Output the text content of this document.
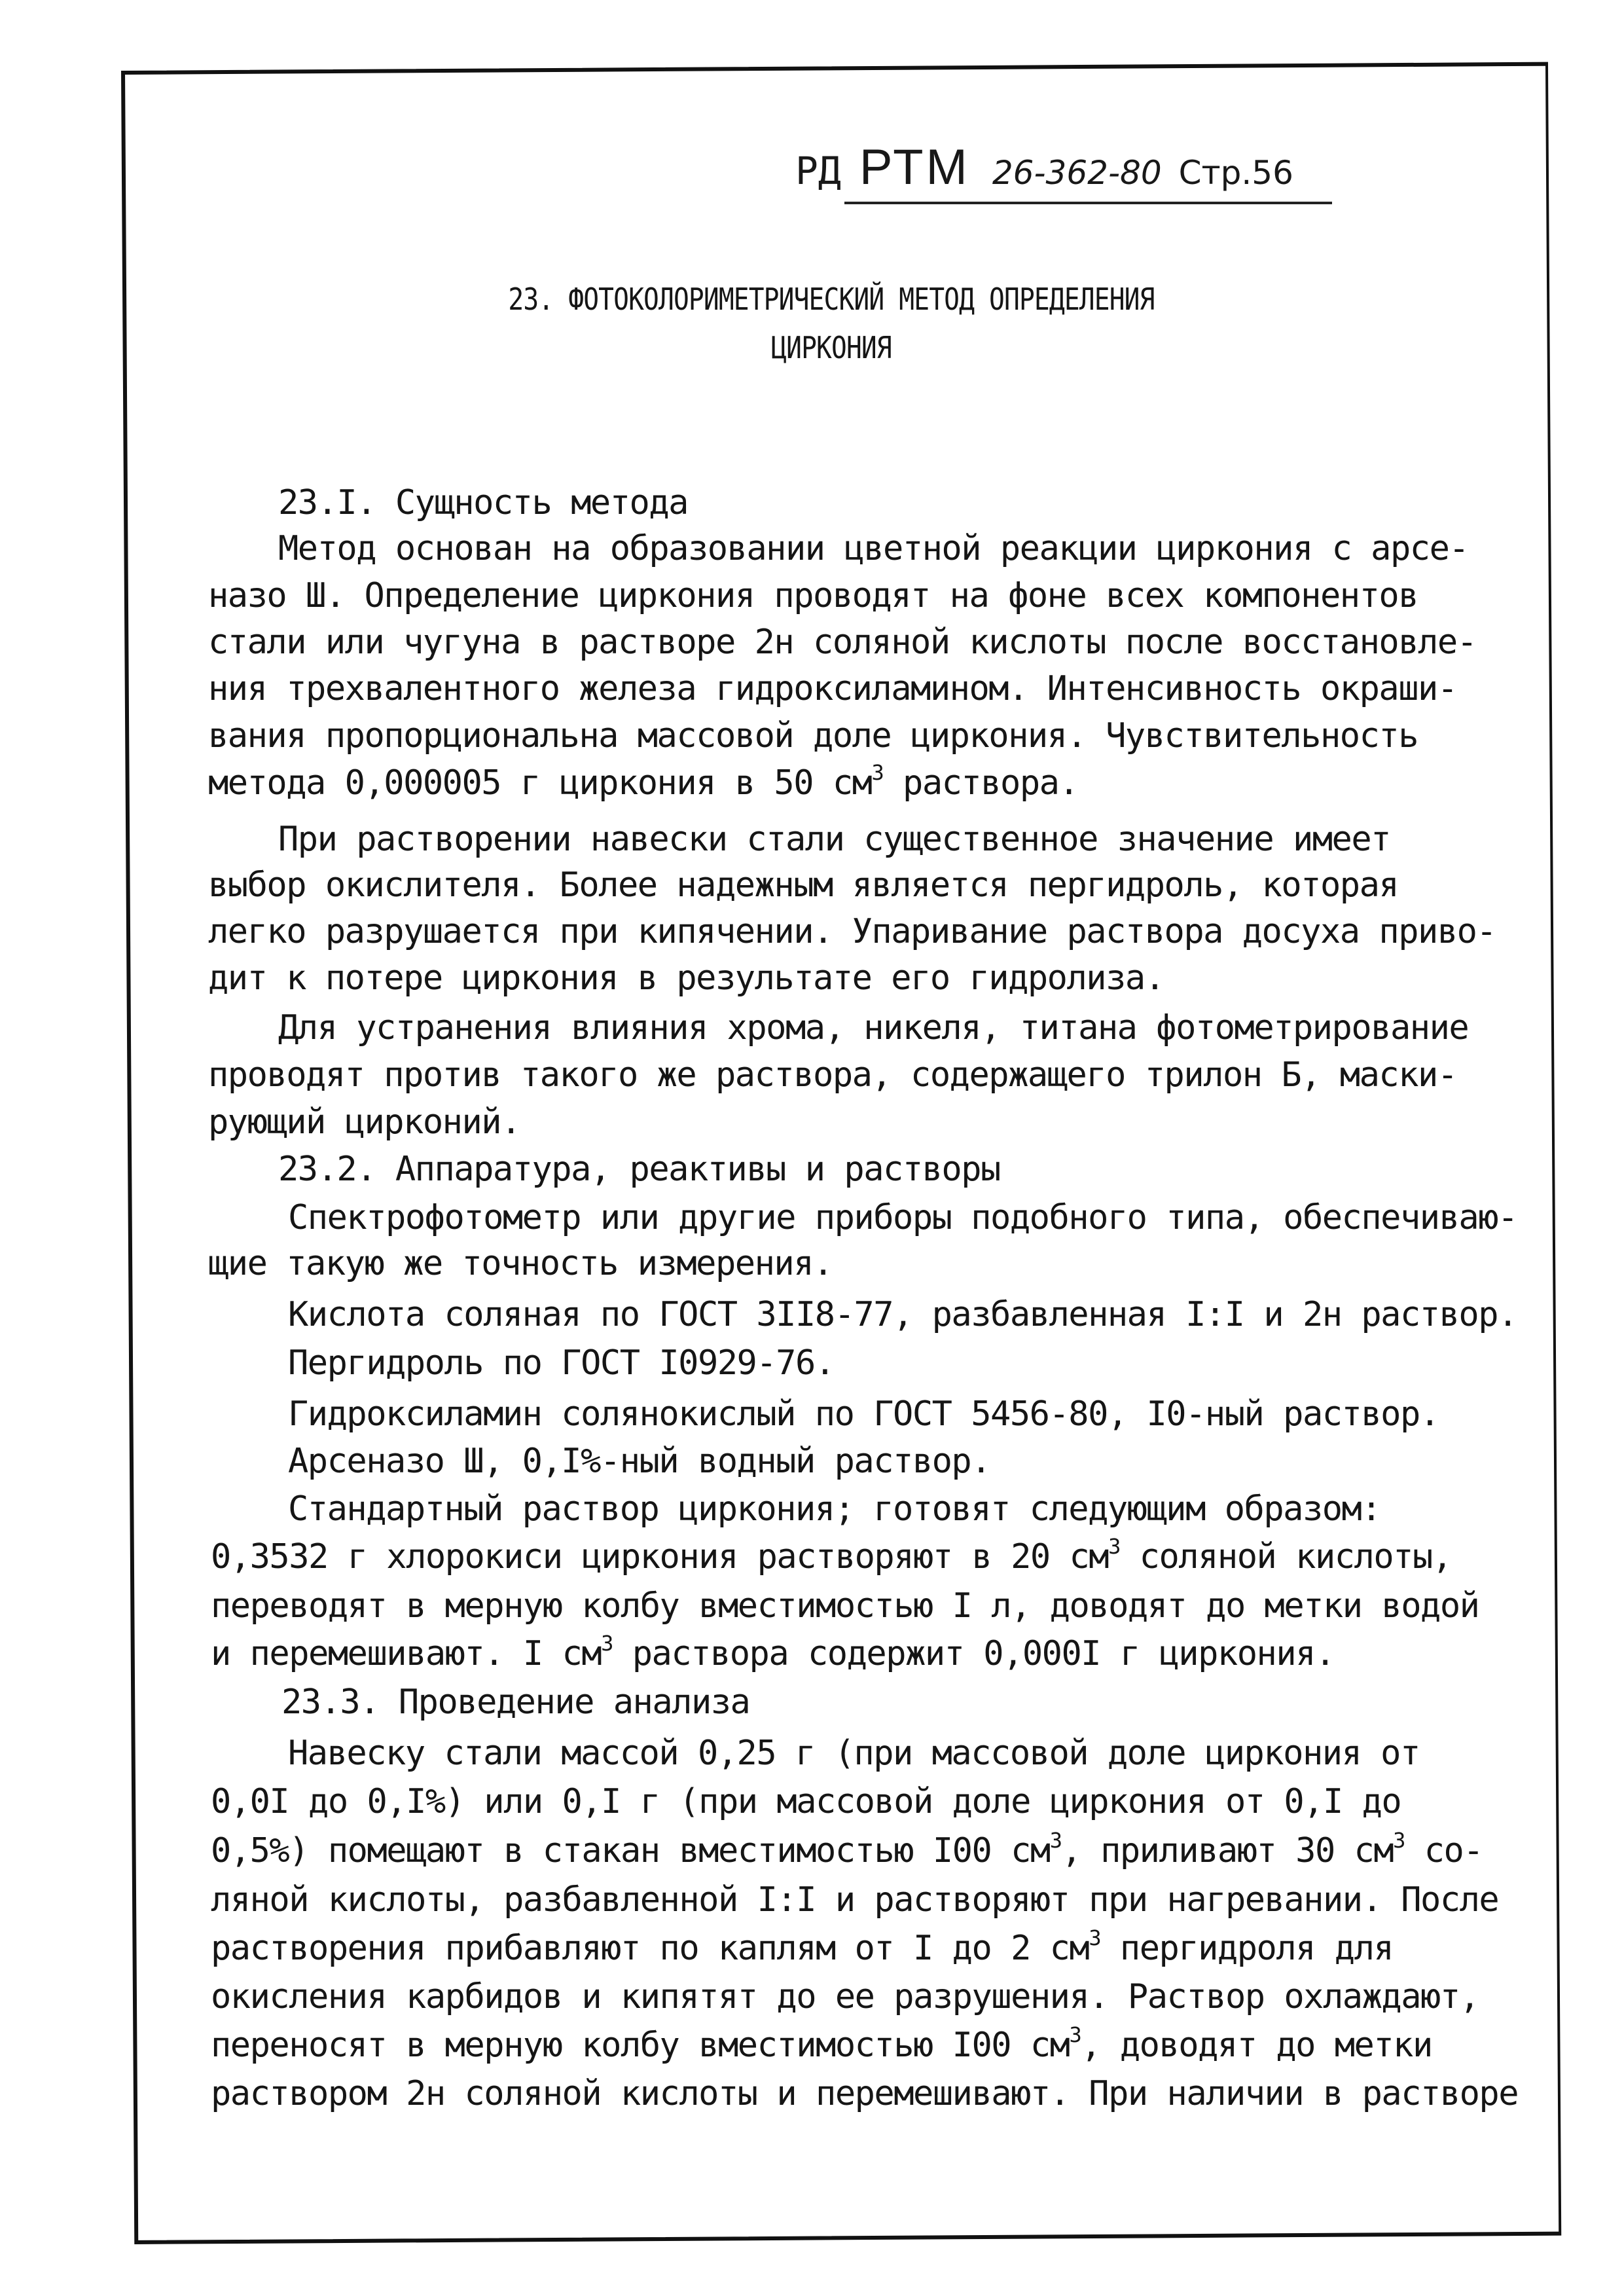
РД РТМ 26-362-80 Стр.56
23. ФОТОКОЛОРИМЕТРИЧЕСКИЙ МЕТОД ОПРЕДЕЛЕНИЯ
ЦИРКОНИЯ
23.I. Сущность метода
Метод основан на образовании цветной реакции циркония с арсе-
назо Ш. Определение циркония проводят на фоне всех компонентов
стали или чугуна в растворе 2н соляной кислоты после восстановле-
ния трехвалентного железа гидроксиламином. Интенсивность окраши-
вания пропорциональна массовой доле циркония. Чувствительность
метода 0,000005 г циркония в 50 $см^3$ раствора.
При растворении навески стали существенное значение имеет
выбор окислителя. Более надежным является пергидроль, которая
легко разрушается при кипячении. Упаривание раствора досуха приво-
дит к потере циркония в результате его гидролиза.
Для устранения влияния хрома, никеля, титана фотометрирование
проводят против такого же раствора, содержащего трилон Б, маски-
рующий цирконий.
23.2. Аппаратура, реактивы и растворы
Спектрофотометр или другие приборы подобного типа, обеспечиваю-
щие такую же точность измерения.
Кислота соляная по ГОСТ 3II8-77, разбавленная I:I и 2н раствор.
Пергидроль по ГОСТ I0929-76.
Гидроксиламин солянокислый по ГОСТ 5456-80, I0-ный раствор.
Арсеназо Ш, 0,I%-ный водный раствор.
Стандартный раствор циркония; готовят следующим образом:
0,3532 г хлорокиси циркония растворяют в 20 $см^3$ соляной кислоты,
переводят в мерную колбу вместимостью I л, доводят до метки водой
и перемешивают. I $см^3$ раствора содержит 0,000I г циркония.
23.3. Проведение анализа
Навеску стали массой 0,25 г (при массовой доле циркония от
0,0I до 0,I%) или 0,I г (при массовой доле циркония от 0,I до
0,5%) помещают в стакан вместимостью I00 $см^3$, приливают 30 $см^3$ со-
ляной кислоты, разбавленной I:I и растворяют при нагревании. После
растворения прибавляют по каплям от I до 2 $см^3$ пергидроля для
окисления карбидов и кипятят до ее разрушения. Раствор охлаждают,
переносят в мерную колбу вместимостью I00 $см^3$, доводят до метки
раствором 2н соляной кислоты и перемешивают. При наличии в растворе
